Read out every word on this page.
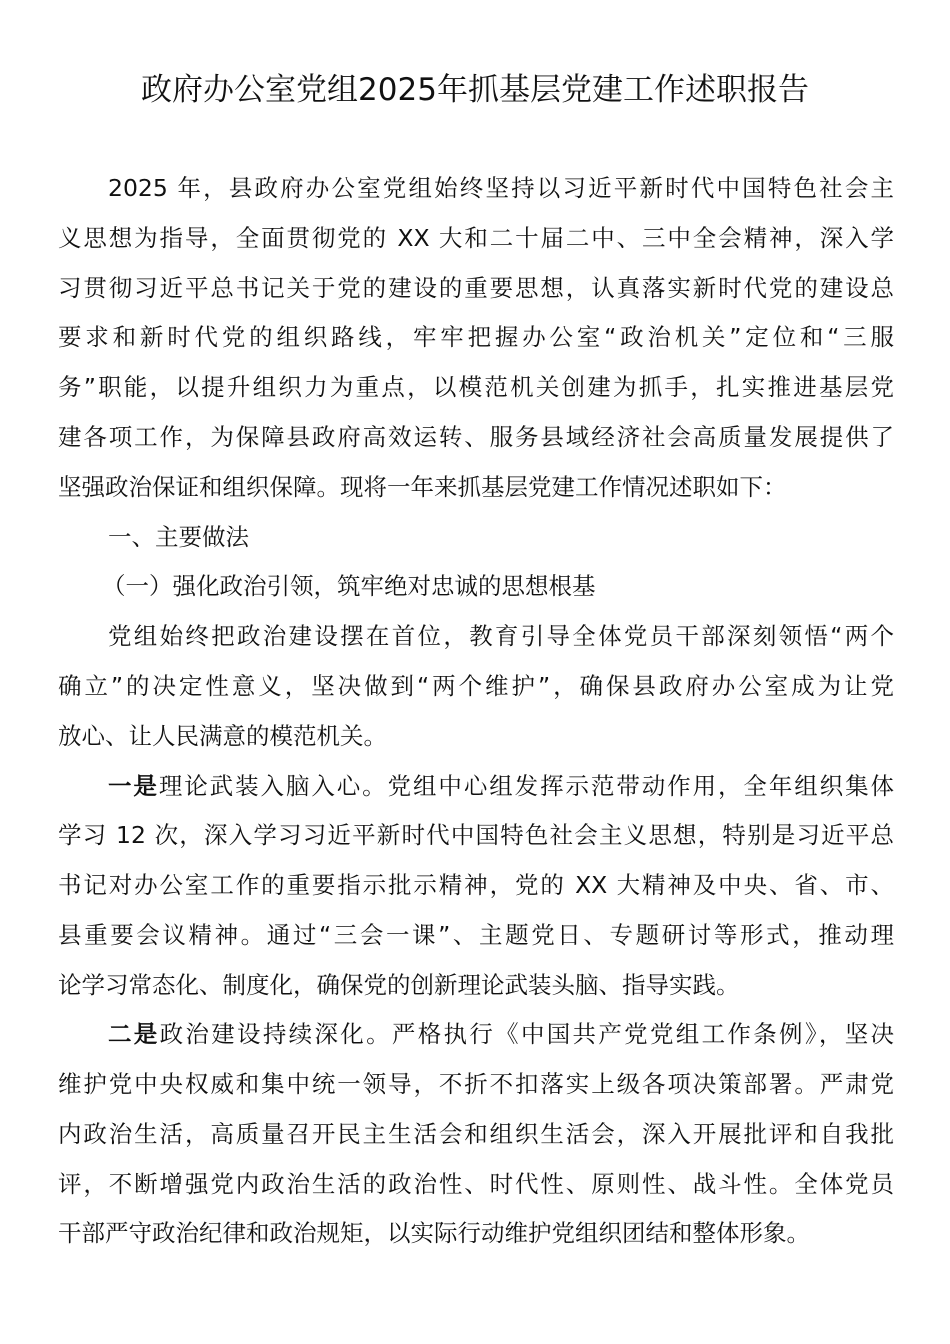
政府办公室党组2025年抓基层党建工作述职报告
2025 年，县政府办公室党组始终坚持以习近平新时代中国特色社会主
义思想为指导，全面贯彻党的 XX 大和二十届二中、三中全会精神，深入学
习贯彻习近平总书记关于党的建设的重要思想，认真落实新时代党的建设总
要求和新时代党的组织路线，牢牢把握办公室“政治机关”定位和“三服
务”职能，以提升组织力为重点，以模范机关创建为抓手，扎实推进基层党
建各项工作，为保障县政府高效运转、服务县域经济社会高质量发展提供了
坚强政治保证和组织保障。现将一年来抓基层党建工作情况述职如下：
一、主要做法
（一）强化政治引领，筑牢绝对忠诚的思想根基
党组始终把政治建设摆在首位，教育引导全体党员干部深刻领悟“两个
确立”的决定性意义，坚决做到“两个维护”，确保县政府办公室成为让党
放心、让人民满意的模范机关。
一是理论武装入脑入心。党组中心组发挥示范带动作用，全年组织集体
学习 12 次，深入学习习近平新时代中国特色社会主义思想，特别是习近平总
书记对办公室工作的重要指示批示精神，党的 XX 大精神及中央、省、市、
县重要会议精神。通过“三会一课”、主题党日、专题研讨等形式，推动理
论学习常态化、制度化，确保党的创新理论武装头脑、指导实践。
二是政治建设持续深化。严格执行《中国共产党党组工作条例》，坚决
维护党中央权威和集中统一领导，不折不扣落实上级各项决策部署。严肃党
内政治生活，高质量召开民主生活会和组织生活会，深入开展批评和自我批
评，不断增强党内政治生活的政治性、时代性、原则性、战斗性。全体党员
干部严守政治纪律和政治规矩，以实际行动维护党组织团结和整体形象。
